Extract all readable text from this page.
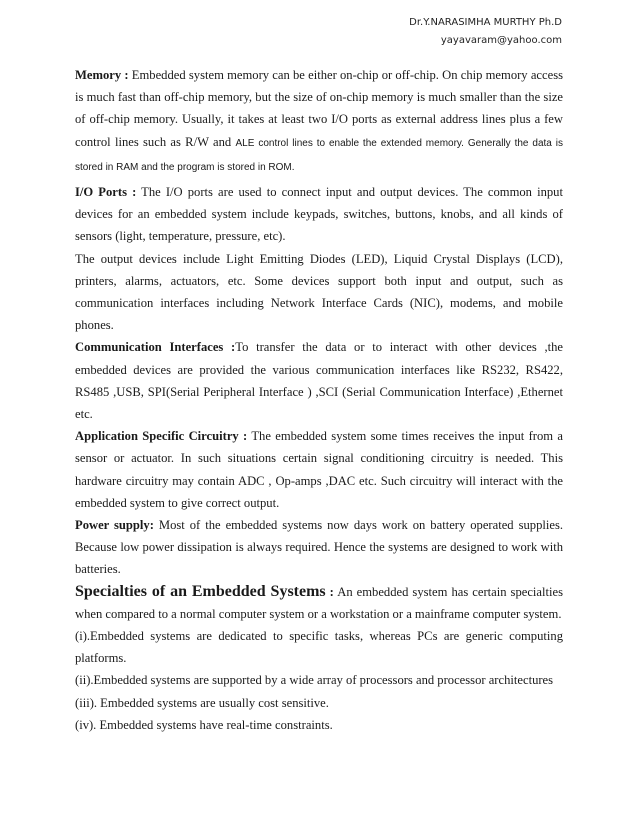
Dr.Y.NARASIMHA MURTHY Ph.D
yayavaram@yahoo.com

Memory : Embedded system memory can be either on-chip or off-chip. On chip memory access is much fast than off-chip memory, but the size of on-chip memory is much smaller than the size of off-chip memory. Usually, it takes at least two I/O ports as external address lines plus a few control lines such as R/W and ALE control lines to enable the extended memory. Generally the data is stored in RAM and the program is stored in ROM.

I/O Ports : The I/O ports are used to connect input and output devices. The common input devices for an embedded system include keypads, switches, buttons, knobs, and all kinds of sensors (light, temperature, pressure, etc).

The output devices include Light Emitting Diodes (LED), Liquid Crystal Displays (LCD), printers, alarms, actuators, etc. Some devices support both input and output, such as communication interfaces including Network Interface Cards (NIC), modems, and mobile phones.

Communication Interfaces :To transfer the data or to interact with other devices ,the embedded devices are provided the various communication interfaces like RS232, RS422, RS485 ,USB, SPI(Serial Peripheral Interface ) ,SCI (Serial Communication Interface) ,Ethernet etc.

Application Specific Circuitry : The embedded system some times receives the input from a sensor or actuator. In such situations certain signal conditioning circuitry is needed. This hardware circuitry may contain ADC , Op-amps ,DAC etc. Such circuitry will interact with the embedded system to give correct output.

Power supply: Most of the embedded systems now days work on battery operated supplies. Because low power dissipation is always required. Hence the systems are designed to work with batteries.

Specialties of an Embedded Systems : An embedded system has certain specialties when compared to a normal computer system or a workstation or a mainframe computer system.

(i).Embedded systems are dedicated to specific tasks, whereas PCs are generic computing platforms.

(ii).Embedded systems are supported by a wide array of processors and processor architectures

(iii). Embedded systems are usually cost sensitive.

(iv). Embedded systems have real-time constraints.
